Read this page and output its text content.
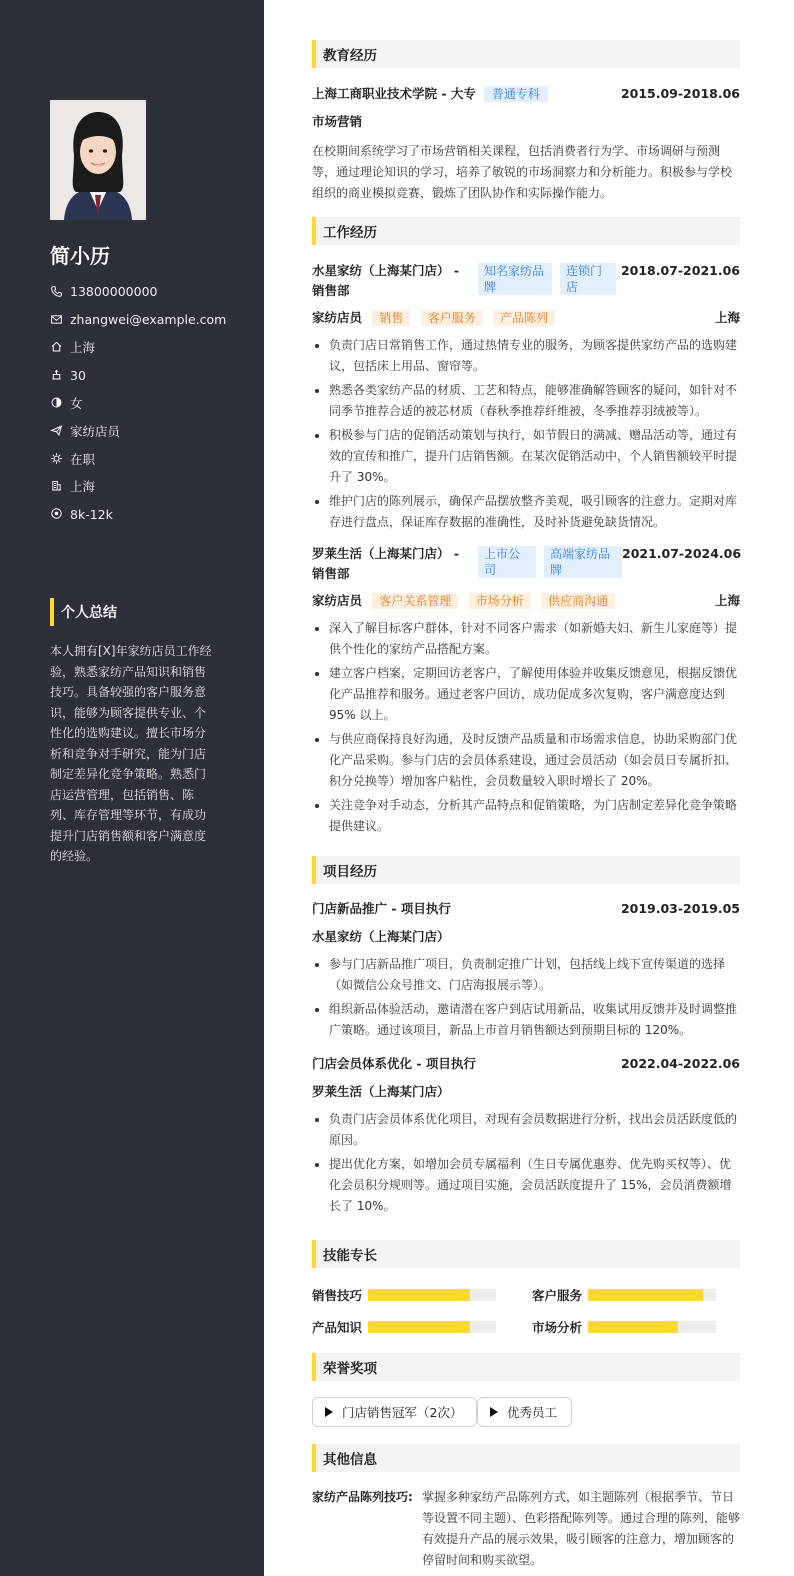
简小历
13800000000
zhangwei@example.com
上海
30
女
家纺店员
在职
上海
8k-12k
个人总结

本人拥有[X]年家纺店员工作经验，熟悉家纺产品知识和销售技巧。具备较强的客户服务意识，能够为顾客提供专业、个性化的选购建议。擅长市场分析和竞争对手研究，能为门店制定差异化竞争策略。熟悉门店运营管理，包括销售、陈列、库存管理等环节，有成功提升门店销售额和客户满意度的经验。

教育经历
上海工商职业技术学院 - 大专	普通专科	2015.09-2018.06
市场营销

在校期间系统学习了市场营销相关课程，包括消费者行为学、市场调研与预测等，通过理论知识的学习，培养了敏锐的市场洞察力和分析能力。积极参与学校组织的商业模拟竞赛，锻炼了团队协作和实际操作能力。

工作经历
水星家纺（上海某门店） - 销售部
知名家纺品牌
连锁门店
2018.07-2021.06
家纺店员 销售 客户服务 产品陈列	上海
负责门店日常销售工作，通过热情专业的服务，为顾客提供家纺产品的选购建议，包括床上用品、窗帘等。
熟悉各类家纺产品的材质、工艺和特点，能够准确解答顾客的疑问，如针对不同季节推荐合适的被芯材质（春秋季推荐纤维被，冬季推荐羽绒被等）。
积极参与门店的促销活动策划与执行，如节假日的满减、赠品活动等，通过有效的宣传和推广，提升门店销售额。在某次促销活动中，个人销售额较平时提升了 30%。
维护门店的陈列展示，确保产品摆放整齐美观，吸引顾客的注意力。定期对库存进行盘点，保证库存数据的准确性，及时补货避免缺货情况。
罗莱生活（上海某门店） - 销售部
上市公司
高端家纺品牌
2021.07-2024.06
家纺店员 客户关系管理 市场分析 供应商沟通	上海
深入了解目标客户群体，针对不同客户需求（如新婚夫妇、新生儿家庭等）提供个性化的家纺产品搭配方案。
建立客户档案，定期回访老客户，了解使用体验并收集反馈意见，根据反馈优化产品推荐和服务。通过老客户回访，成功促成多次复购，客户满意度达到 95% 以上。
与供应商保持良好沟通，及时反馈产品质量和市场需求信息，协助采购部门优化产品采购。参与门店的会员体系建设，通过会员活动（如会员日专属折扣、积分兑换等）增加客户粘性，会员数量较入职时增长了 20%。
关注竞争对手动态，分析其产品特点和促销策略，为门店制定差异化竞争策略提供建议。
项目经历
门店新品推广 - 项目执行	2019.03-2019.05
水星家纺（上海某门店）
参与门店新品推广项目，负责制定推广计划，包括线上线下宣传渠道的选择（如微信公众号推文、门店海报展示等）。
组织新品体验活动，邀请潜在客户到店试用新品，收集试用反馈并及时调整推广策略。通过该项目，新品上市首月销售额达到预期目标的 120%。
门店会员体系优化 - 项目执行	2022.04-2022.06
罗莱生活（上海某门店）
负责门店会员体系优化项目，对现有会员数据进行分析，找出会员活跃度低的原因。
提出优化方案，如增加会员专属福利（生日专属优惠券、优先购买权等）、优化会员积分规则等。通过项目实施，会员活跃度提升了 15%，会员消费额增长了 10%。
技能专长
销售技巧	客户服务
产品知识	市场分析
荣誉奖项
门店销售冠军（2次）	优秀员工
其他信息
家纺产品陈列技巧: 掌握多种家纺产品陈列方式，如主题陈列（根据季节、节日等设置不同主题）、色彩搭配陈列等。通过合理的陈列，能够有效提升产品的展示效果，吸引顾客的注意力，增加顾客的停留时间和购买欲望。
